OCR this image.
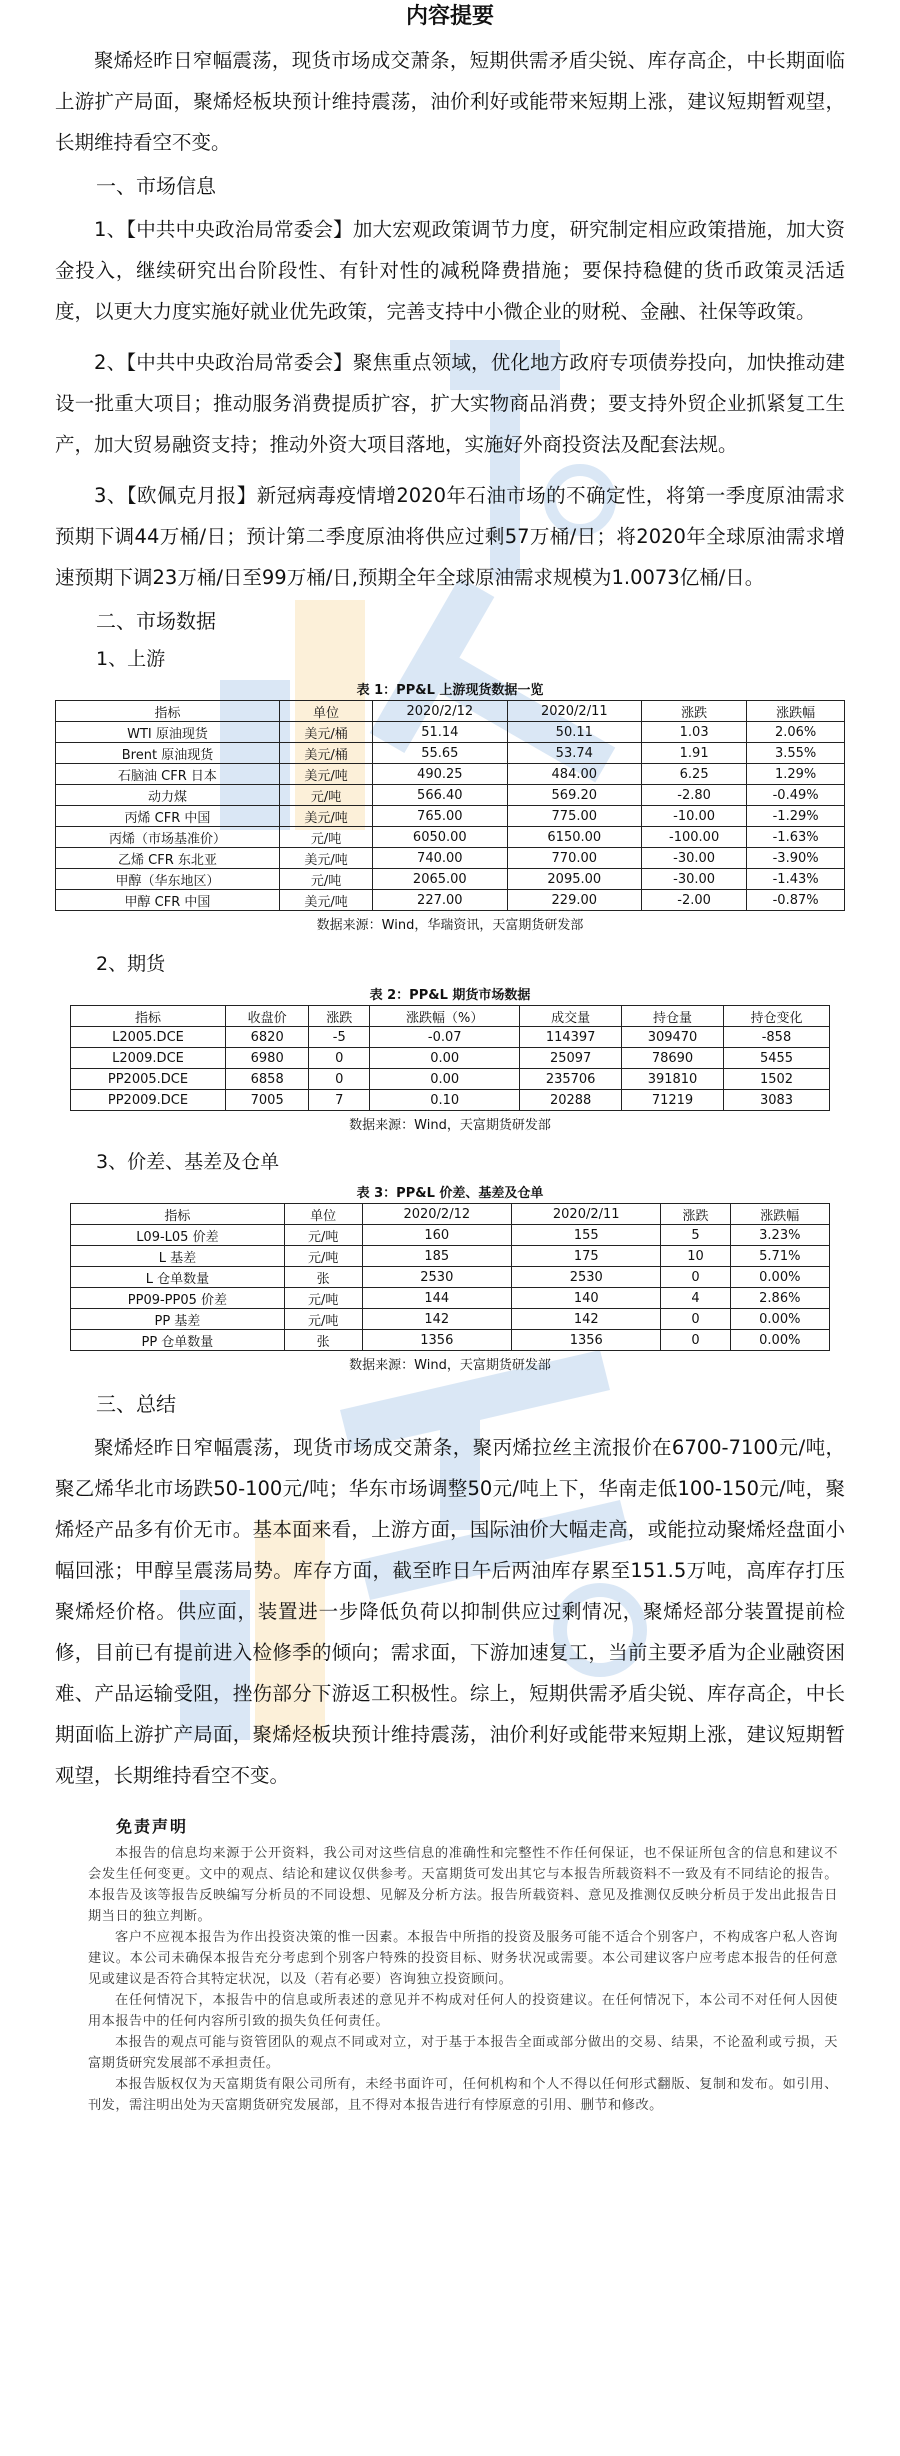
内容提要

聚烯烃昨日窄幅震荡，现货市场成交萧条，短期供需矛盾尖锐、库存高企，中长期面临上游扩产局面，聚烯烃板块预计维持震荡，油价利好或能带来短期上涨，建议短期暂观望，长期维持看空不变。

一、市场信息

1、【中共中央政治局常委会】加大宏观政策调节力度，研究制定相应政策措施，加大资金投入，继续研究出台阶段性、有针对性的减税降费措施；要保持稳健的货币政策灵活适度，以更大力度实施好就业优先政策，完善支持中小微企业的财税、金融、社保等政策。

2、【中共中央政治局常委会】聚焦重点领域，优化地方政府专项债券投向，加快推动建设一批重大项目；推动服务消费提质扩容，扩大实物商品消费；要支持外贸企业抓紧复工生产，加大贸易融资支持；推动外资大项目落地，实施好外商投资法及配套法规。

3、【欧佩克月报】新冠病毒疫情增2020年石油市场的不确定性，将第一季度原油需求预期下调44万桶/日；预计第二季度原油将供应过剩57万桶/日；将2020年全球原油需求增速预期下调23万桶/日至99万桶/日,预期全年全球原油需求规模为1.0073亿桶/日。

二、市场数据
1、上游
表 1：PP&L 上游现货数据一览
指标	单位	2020/2/12	2020/2/11	涨跌	涨跌幅
WTI 原油现货	美元/桶	51.14	50.11	1.03	2.06%
Brent 原油现货	美元/桶	55.65	53.74	1.91	3.55%
石脑油 CFR 日本	美元/吨	490.25	484.00	6.25	1.29%
动力煤	元/吨	566.40	569.20	-2.80	-0.49%
丙烯 CFR 中国	美元/吨	765.00	775.00	-10.00	-1.29%
丙烯（市场基准价）	元/吨	6050.00	6150.00	-100.00	-1.63%
乙烯 CFR 东北亚	美元/吨	740.00	770.00	-30.00	-3.90%
甲醇（华东地区）	元/吨	2065.00	2095.00	-30.00	-1.43%
甲醇 CFR 中国	美元/吨	227.00	229.00	-2.00	-0.87%
数据来源：Wind，华瑞资讯，天富期货研发部
2、期货
表 2：PP&L 期货市场数据
指标	收盘价	涨跌	涨跌幅（%）	成交量	持仓量	持仓变化
L2005.DCE	6820	-5	-0.07	114397	309470	-858
L2009.DCE	6980	0	0.00	25097	78690	5455
PP2005.DCE	6858	0	0.00	235706	391810	1502
PP2009.DCE	7005	7	0.10	20288	71219	3083
数据来源：Wind，天富期货研发部
3、价差、基差及仓单
表 3：PP&L 价差、基差及仓单
指标	单位	2020/2/12	2020/2/11	涨跌	涨跌幅
L09-L05 价差	元/吨	160	155	5	3.23%
L 基差	元/吨	185	175	10	5.71%
L 仓单数量	张	2530	2530	0	0.00%
PP09-PP05 价差	元/吨	144	140	4	2.86%
PP 基差	元/吨	142	142	0	0.00%
PP 仓单数量	张	1356	1356	0	0.00%
数据来源：Wind，天富期货研发部
三、总结

聚烯烃昨日窄幅震荡，现货市场成交萧条，聚丙烯拉丝主流报价在6700-7100元/吨，聚乙烯华北市场跌50-100元/吨；华东市场调整50元/吨上下，华南走低100-150元/吨，聚烯烃产品多有价无市。基本面来看，上游方面，国际油价大幅走高，或能拉动聚烯烃盘面小幅回涨；甲醇呈震荡局势。库存方面，截至昨日午后两油库存累至151.5万吨，高库存打压聚烯烃价格。供应面，装置进一步降低负荷以抑制供应过剩情况，聚烯烃部分装置提前检修，目前已有提前进入检修季的倾向；需求面，下游加速复工，当前主要矛盾为企业融资困难、产品运输受阻，挫伤部分下游返工积极性。综上，短期供需矛盾尖锐、库存高企，中长期面临上游扩产局面，聚烯烃板块预计维持震荡，油价利好或能带来短期上涨，建议短期暂观望，长期维持看空不变。

免责声明

本报告的信息均来源于公开资料，我公司对这些信息的准确性和完整性不作任何保证，也不保证所包含的信息和建议不会发生任何变更。文中的观点、结论和建议仅供参考。天富期货可发出其它与本报告所载资料不一致及有不同结论的报告。本报告及该等报告反映编写分析员的不同设想、见解及分析方法。报告所载资料、意见及推测仅反映分析员于发出此报告日期当日的独立判断。

客户不应视本报告为作出投资决策的惟一因素。本报告中所指的投资及服务可能不适合个别客户，不构成客户私人咨询建议。本公司未确保本报告充分考虑到个别客户特殊的投资目标、财务状况或需要。本公司建议客户应考虑本报告的任何意见或建议是否符合其特定状况，以及（若有必要）咨询独立投资顾问。

在任何情况下，本报告中的信息或所表述的意见并不构成对任何人的投资建议。在任何情况下，本公司不对任何人因使用本报告中的任何内容所引致的损失负任何责任。

本报告的观点可能与资管团队的观点不同或对立，对于基于本报告全面或部分做出的交易、结果，不论盈利或亏损，天富期货研究发展部不承担责任。

本报告版权仅为天富期货有限公司所有，未经书面许可，任何机构和个人不得以任何形式翻版、复制和发布。如引用、刊发，需注明出处为天富期货研究发展部，且不得对本报告进行有悖原意的引用、删节和修改。
